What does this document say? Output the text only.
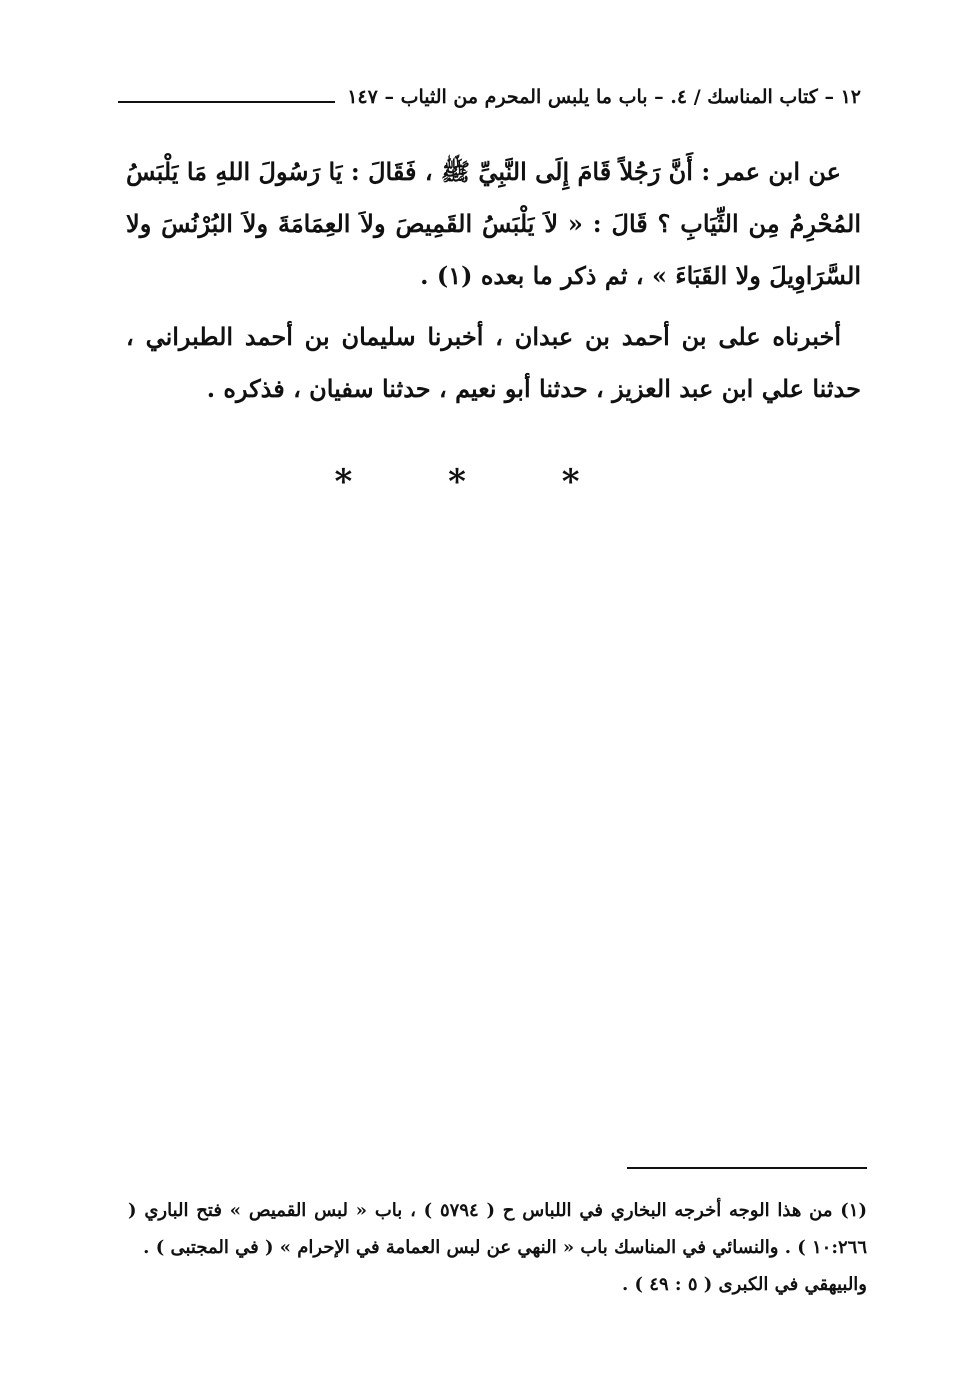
١٢ – كتاب المناسك / ٤. – باب ما يلبس المحرم من الثياب – ١٤٧

عن ابن عمر : أَنَّ رَجُلاً قَامَ إِلَى النَّبِيِّ ﷺ ، فَقَالَ : يَا رَسُولَ اللهِ مَا يَلْبَسُ المُحْرِمُ مِن الثِّيَابِ ؟ قَالَ : « لاَ يَلْبَسُ القَمِيصَ ولاَ العِمَامَةَ ولاَ البُرْنُسَ ولا السَّرَاوِيلَ ولا القَبَاءَ » ، ثم ذكر ما بعده (١) .

أخبرناه على بن أحمد بن عبدان ، أخبرنا سليمان بن أحمد الطبراني ، حدثنا علي ابن عبد العزيز ، حدثنا أبو نعيم ، حدثنا سفيان ، فذكره .

* * *

(١) من هذا الوجه أخرجه البخاري في اللباس ح ( ٥٧٩٤ ) ، باب « لبس القميص » فتح الباري ( ١٠:٢٦٦ ) . والنسائي في المناسك باب « النهي عن لبس العمامة في الإحرام » ( في المجتبى ) .

والبيهقي في الكبرى ( ٥ : ٤٩ ) .
